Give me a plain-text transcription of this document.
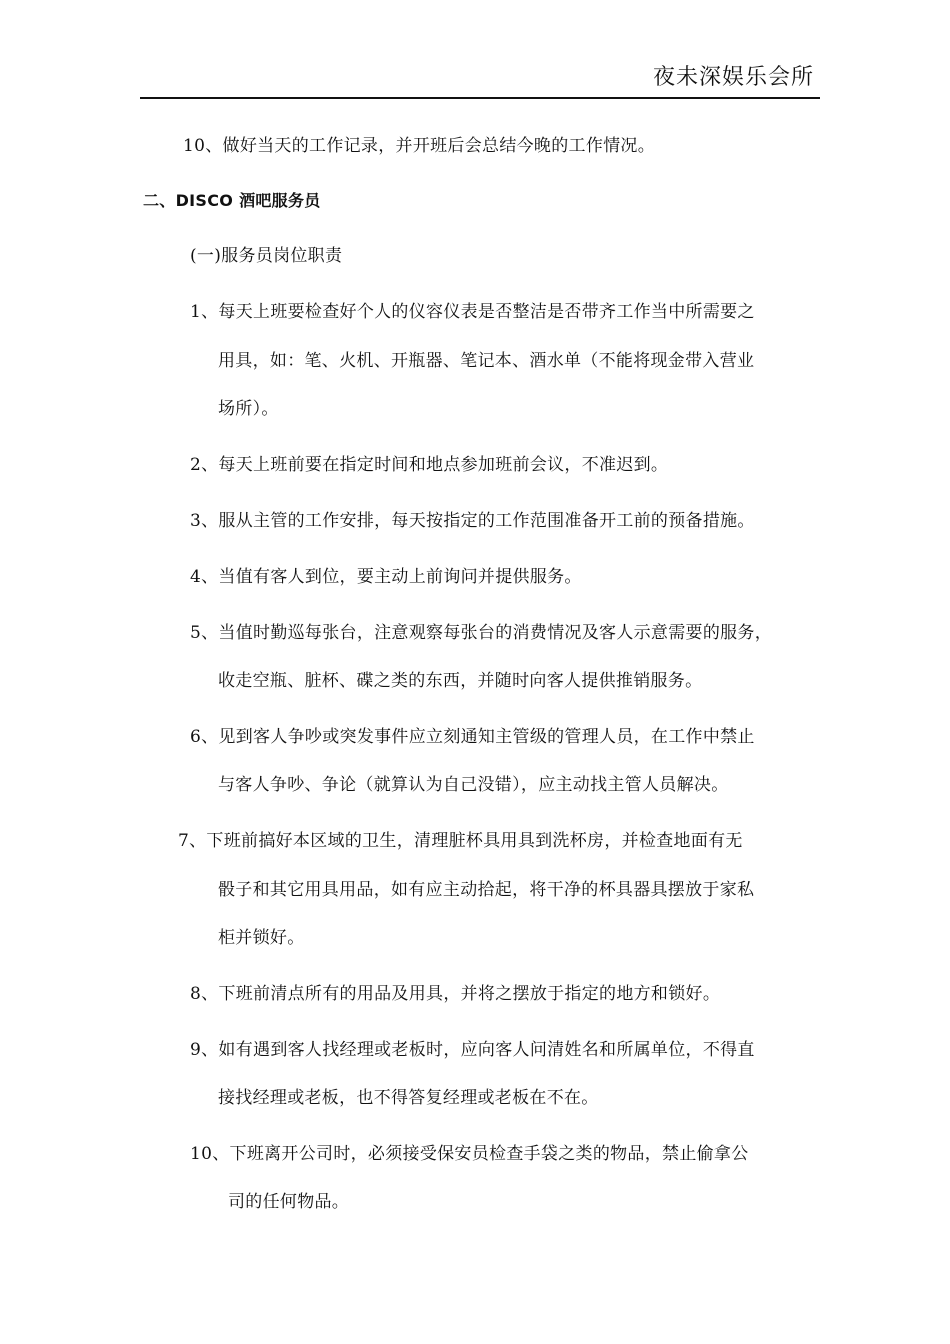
夜未深娱乐会所
10、做好当天的工作记录，并开班后会总结今晚的工作情况。
二、DISCO 酒吧服务员
(一)服务员岗位职责
1、每天上班要检查好个人的仪容仪表是否整洁是否带齐工作当中所需要之
用具，如：笔、火机、开瓶器、笔记本、酒水单（不能将现金带入营业
场所）。
2、每天上班前要在指定时间和地点参加班前会议，不准迟到。
3、服从主管的工作安排，每天按指定的工作范围准备开工前的预备措施。
4、当值有客人到位，要主动上前询问并提供服务。
5、当值时勤巡每张台，注意观察每张台的消费情况及客人示意需要的服务，
收走空瓶、脏杯、碟之类的东西，并随时向客人提供推销服务。
6、见到客人争吵或突发事件应立刻通知主管级的管理人员，在工作中禁止
与客人争吵、争论（就算认为自己没错），应主动找主管人员解决。
7、下班前搞好本区域的卫生，清理脏杯具用具到洗杯房，并检查地面有无
骰子和其它用具用品，如有应主动拾起，将干净的杯具器具摆放于家私
柜并锁好。
8、下班前清点所有的用品及用具，并将之摆放于指定的地方和锁好。
9、如有遇到客人找经理或老板时，应向客人问清姓名和所属单位，不得直
接找经理或老板，也不得答复经理或老板在不在。
10、下班离开公司时，必须接受保安员检查手袋之类的物品，禁止偷拿公
司的任何物品。
